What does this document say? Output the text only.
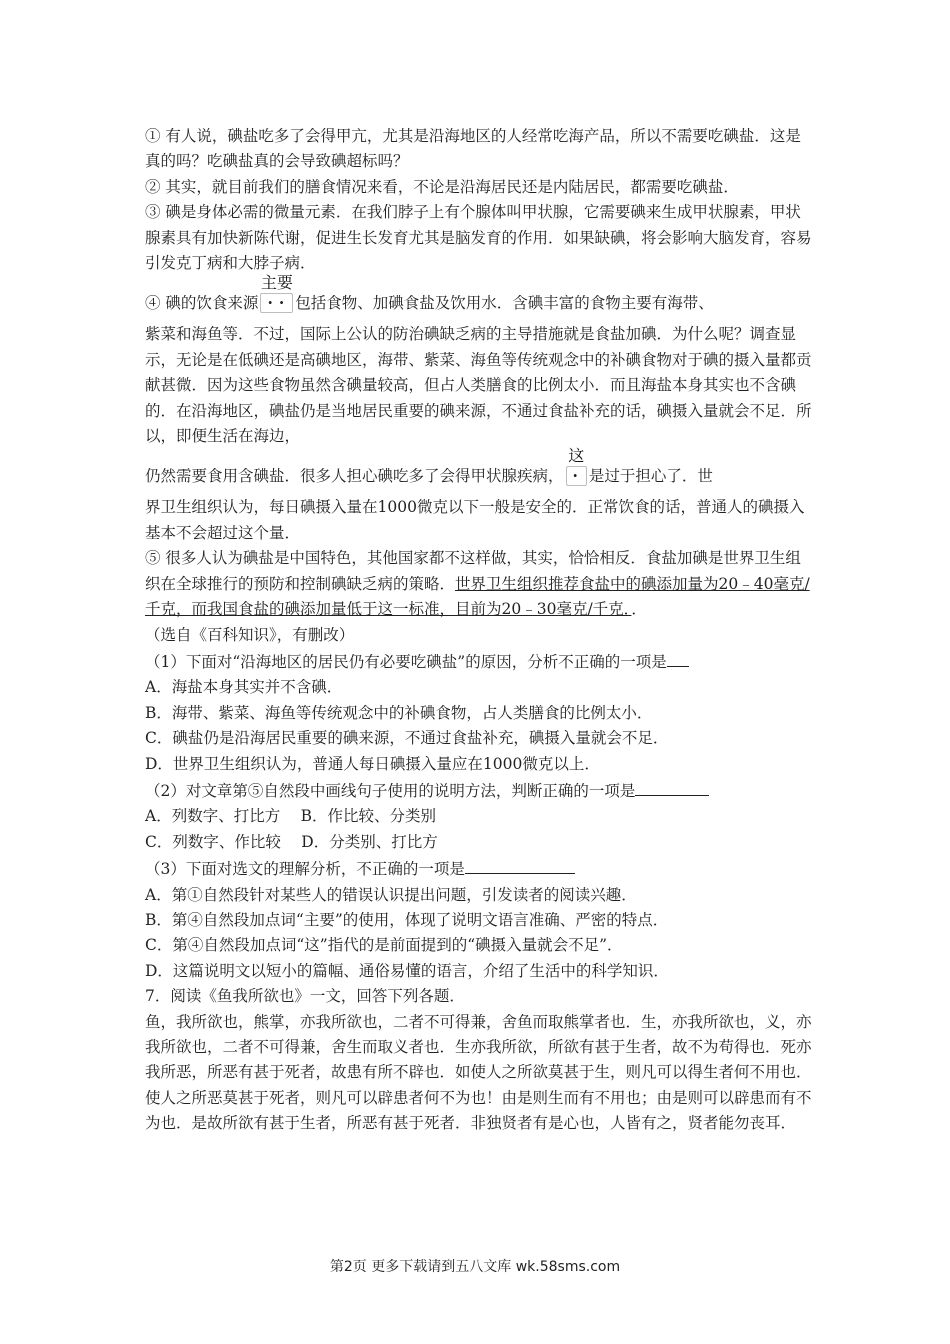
① 有人说，碘盐吃多了会得甲亢，尤其是沿海地区的人经常吃海产品，所以不需要吃碘盐．这是真的吗？吃碘盐真的会导致碘超标吗？

② 其实，就目前我们的膳食情况来看，不论是沿海居民还是内陆居民，都需要吃碘盐．

③ 碘是身体必需的微量元素．在我们脖子上有个腺体叫甲状腺，它需要碘来生成甲状腺素，甲状腺素具有加快新陈代谢，促进生长发育尤其是脑发育的作用．如果缺碘，将会影响大脑发育，容易引发克丁病和大脖子病．

④ 碘的饮食来源
主要
·· 包括食物、加碘食盐及饮用水．含碘丰富的食物主要有海带、

紫菜和海鱼等．不过，国际上公认的防治碘缺乏病的主导措施就是食盐加碘．为什么呢？调查显示，无论是在低碘还是高碘地区，海带、紫菜、海鱼等传统观念中的补碘食物对于碘的摄入量都贡献甚微．因为这些食物虽然含碘量较高，但占人类膳食的比例太小．而且海盐本身其实也不含碘的．在沿海地区，碘盐仍是当地居民重要的碘来源，不通过食盐补充的话，碘摄入量就会不足．所以，即便生活在海边，

仍然需要食用含碘盐．很多人担心碘吃多了会得甲状腺疾病，
这
· 是过于担心了．世

界卫生组织认为，每日碘摄入量在1000微克以下一般是安全的．正常饮食的话，普通人的碘摄入基本不会超过这个量．

⑤ 很多人认为碘盐是中国特色，其他国家都不这样做，其实，恰恰相反．食盐加碘是世界卫生组织在全球推行的预防和控制碘缺乏病的策略．世界卫生组织推荐食盐中的碘添加量为20﹣40毫克/千克，而我国食盐的碘添加量低于这一标准，目前为20﹣30毫克/千克．．

（选自《百科知识》，有删改）

（1）下面对“沿海地区的居民仍有必要吃碘盐”的原因，分析不正确的一项是

A．海盐本身其实并不含碘．

B．海带、紫菜、海鱼等传统观念中的补碘食物，占人类膳食的比例太小．

C．碘盐仍是沿海居民重要的碘来源，不通过食盐补充，碘摄入量就会不足．

D．世界卫生组织认为，普通人每日碘摄入量应在1000微克以上．

（2）对文章第⑤自然段中画线句子使用的说明方法，判断正确的一项是

A．列数字、打比方　 B．作比较、分类别

C．列数字、作比较　 D．分类别、打比方

（3）下面对选文的理解分析，不正确的一项是

A．第①自然段针对某些人的错误认识提出问题，引发读者的阅读兴趣．

B．第④自然段加点词“主要”的使用，体现了说明文语言准确、严密的特点．

C．第④自然段加点词“这”指代的是前面提到的“碘摄入量就会不足”．

D．这篇说明文以短小的篇幅、通俗易懂的语言，介绍了生活中的科学知识．

7．阅读《鱼我所欲也》一文，回答下列各题．

鱼，我所欲也，熊掌，亦我所欲也，二者不可得兼，舍鱼而取熊掌者也．生，亦我所欲也，义，亦我所欲也，二者不可得兼，舍生而取义者也．生亦我所欲，所欲有甚于生者，故不为苟得也．死亦我所恶，所恶有甚于死者，故患有所不辟也．如使人之所欲莫甚于生，则凡可以得生者何不用也．使人之所恶莫甚于死者，则凡可以辟患者何不为也！由是则生而有不用也；由是则可以辟患而有不为也．是故所欲有甚于生者，所恶有甚于死者．非独贤者有是心也，人皆有之，贤者能勿丧耳．

第2页 更多下载请到五八文库 wk.58sms.com
